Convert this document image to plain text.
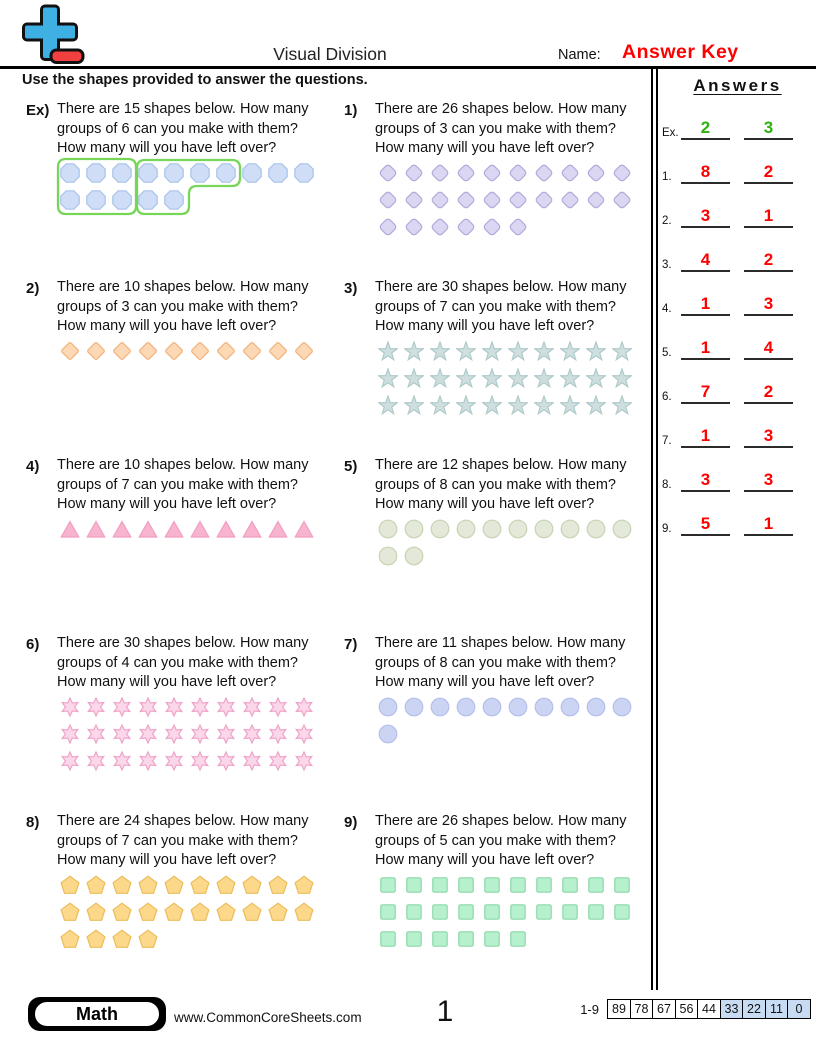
Visual Division	Name: Answer Key
Use the shapes provided to answer the questions.
Ex) There are 15 shapes below. How many
groups of 6 can you make with them?
How many will you have left over?
1)	There are 26 shapes below. How many
groups of 3 can you make with them?
How many will you have left over?
2)	There are 10 shapes below. How many
groups of 3 can you make with them?
How many will you have left over?
3)	There are 30 shapes below. How many
groups of 7 can you make with them?
How many will you have left over?
4)	There are 10 shapes below. How many
groups of 7 can you make with them?
How many will you have left over?
5)	There are 12 shapes below. How many
groups of 8 can you make with them?
How many will you have left over?
6)	There are 30 shapes below. How many
groups of 4 can you make with them?
How many will you have left over?
7)	There are 11 shapes below. How many
groups of 8 can you make with them?
How many will you have left over?
8)	There are 24 shapes below. How many
groups of 7 can you make with them?
How many will you have left over?
9)	There are 26 shapes below. How many
groups of 5 can you make with them?
How many will you have left over?
Answers
Ex.	2	3
1.	8	2
2.	3	1
3.	4	2
4.	1	3
5.	1	4
6.	7	2
7.	1	3
8.	3	3
9.	5	1
Math	www.CommonCoreSheets.com	1	1-9	89 78 67 56 44 33 22 11	0
